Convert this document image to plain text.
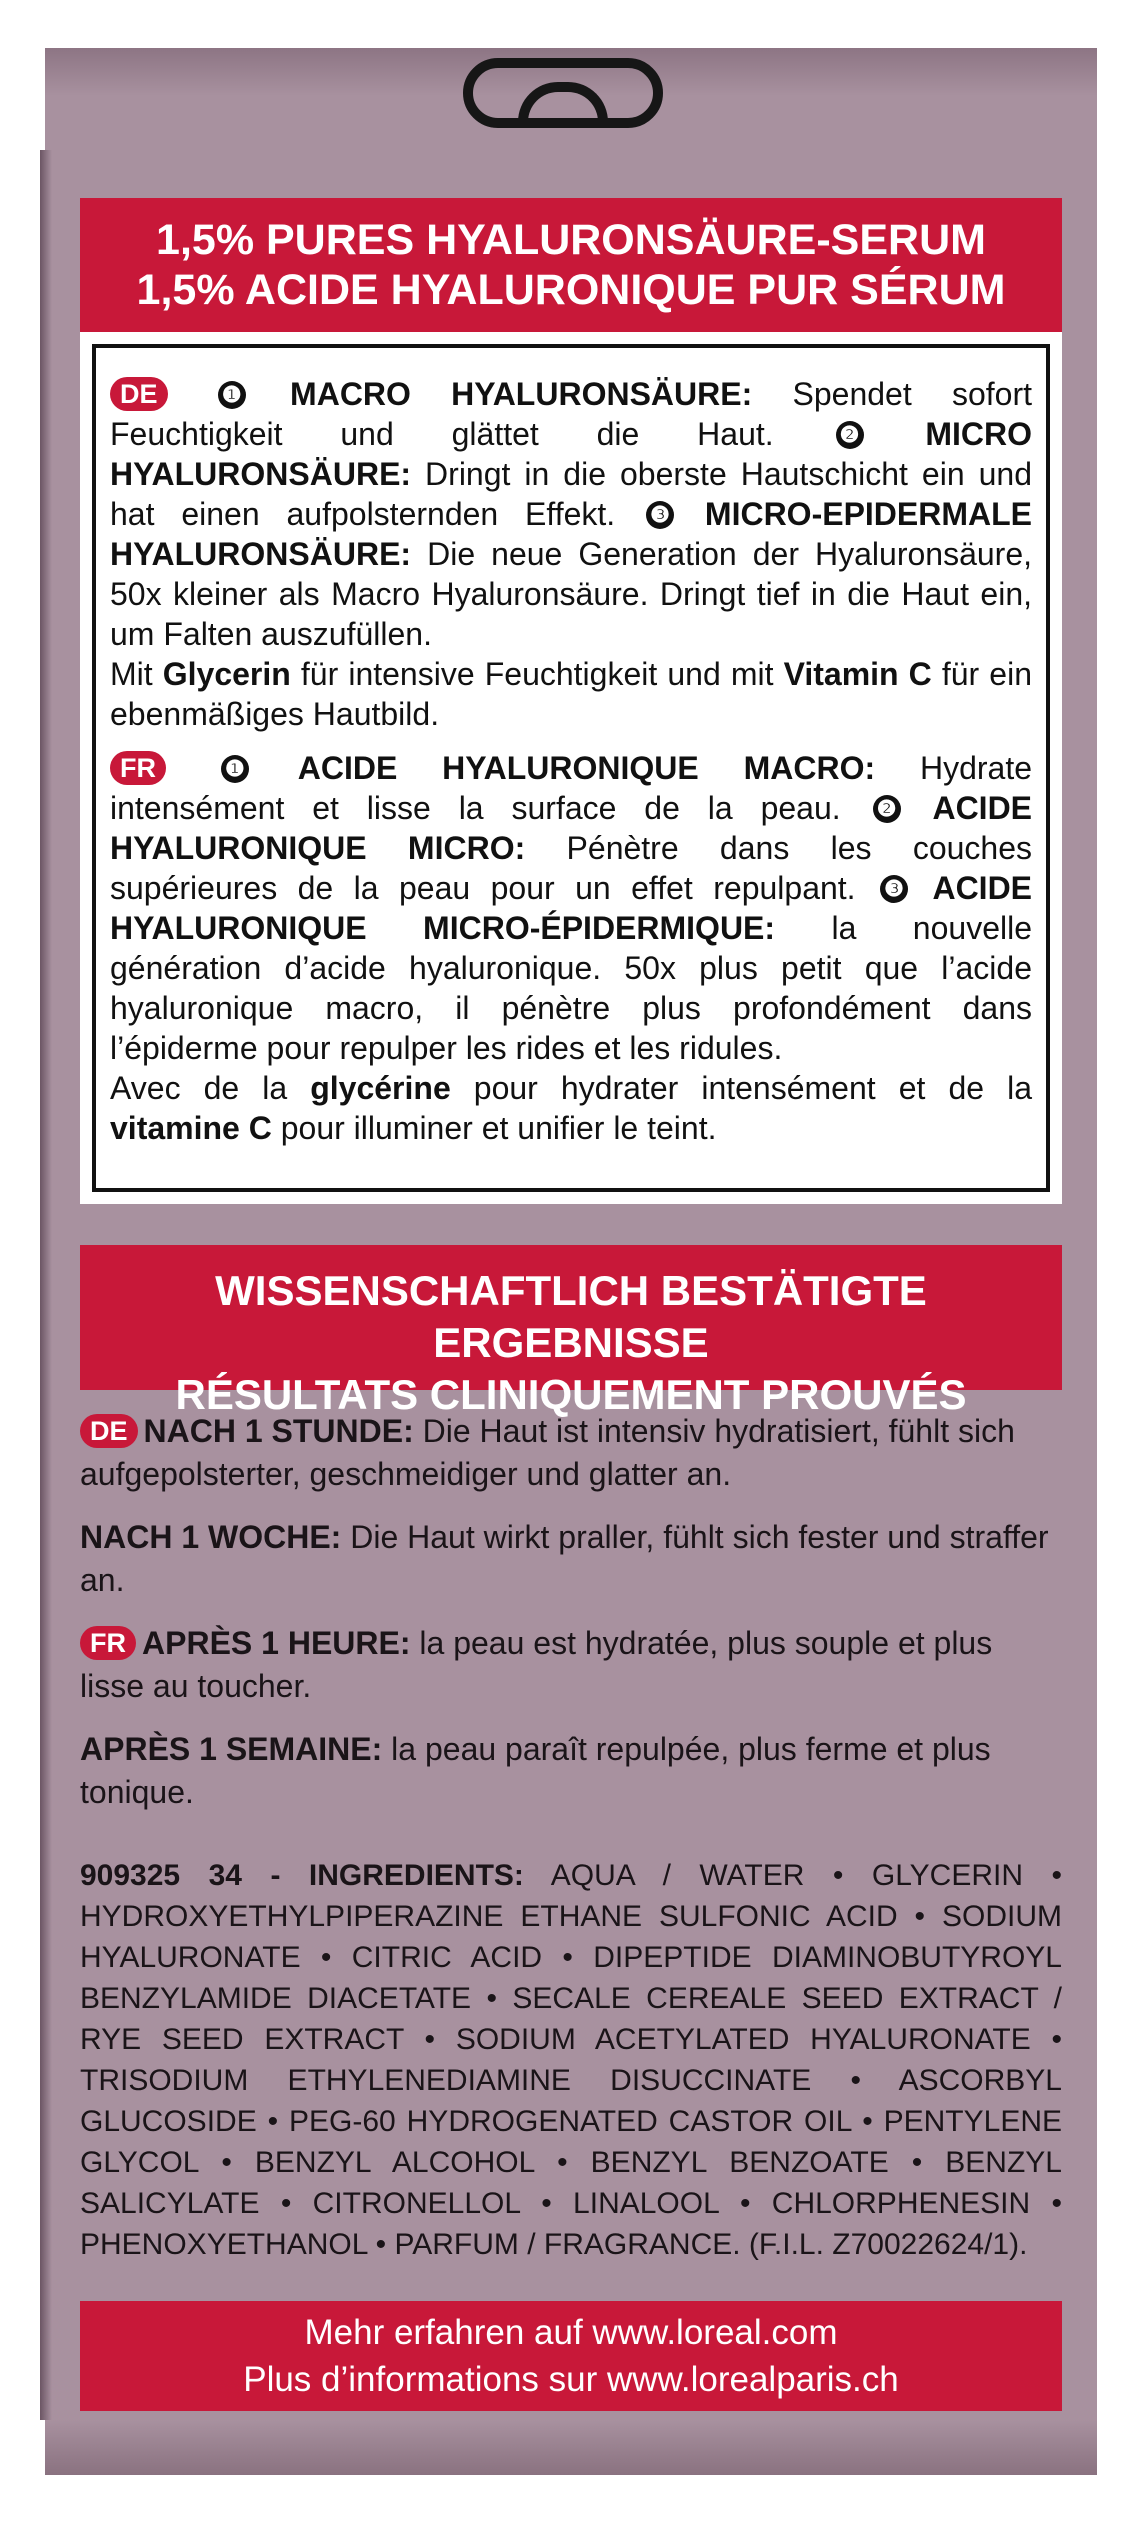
1,5% PURES HYALURONSÄURE-SERUM
1,5% ACIDE HYALURONIQUE PUR SÉRUM

DE	❶ MACRO HYALURONSÄURE: Spendet sofort Feuchtigkeit und glättet die Haut. ❷ MICRO HYALURONSÄURE: Dringt in die oberste Hautschicht ein und hat einen aufpolsternden Effekt. ❸ MICRO-EPIDERMALE HYALURONSÄURE: Die neue Generation der Hyaluronsäure, 50x kleiner als Macro Hyaluronsäure. Dringt tief in die Haut ein, um Falten auszufüllen.
Mit Glycerin für intensive Feuchtigkeit und mit Vitamin C für ein ebenmäßiges Hautbild.

FR	❶ ACIDE HYALURONIQUE MACRO: Hydrate intensément et lisse la surface de la peau. ❷ ACIDE HYALURONIQUE MICRO: Pénètre dans les couches supérieures de la peau pour un effet repulpant. ❸ ACIDE HYALURONIQUE MICRO-ÉPIDERMIQUE: la nouvelle génération d’acide hyaluronique. 50x plus petit que l’acide hyaluronique macro, il pénètre plus profondément dans l’épiderme pour repulper les rides et les ridules.
Avec de la glycérine pour hydrater intensément et de la vitamine C pour illuminer et unifier le teint.

WISSENSCHAFTLICH BESTÄTIGTE ERGEBNISSE
RÉSULTATS CLINIQUEMENT PROUVÉS

DE NACH 1 STUNDE: Die Haut ist intensiv hydratisiert, fühlt sich aufgepolsterter, geschmeidiger und glatter an.

NACH 1 WOCHE: Die Haut wirkt praller, fühlt sich fester und straffer an.

FR APRÈS 1 HEURE: la peau est hydratée, plus souple et plus lisse au toucher.

APRÈS 1 SEMAINE: la peau paraît repulpée, plus ferme et plus tonique.

909325 34 - INGREDIENTS: AQUA / WATER • GLYCERIN • HYDROXYETHYLPIPERAZINE ETHANE SULFONIC ACID • SODIUM HYALURONATE • CITRIC ACID • DIPEPTIDE DIAMINOBUTYROYL BENZYLAMIDE DIACETATE • SECALE CEREALE SEED EXTRACT / RYE SEED EXTRACT • SODIUM ACETYLATED HYALURONATE • TRISODIUM ETHYLENEDIAMINE DISUCCINATE • ASCORBYL GLUCOSIDE • PEG-60 HYDROGENATED CASTOR OIL • PENTYLENE GLYCOL • BENZYL ALCOHOL • BENZYL BENZOATE • BENZYL SALICYLATE • CITRONELLOL • LINALOOL • CHLORPHENESIN • PHENOXYETHANOL • PARFUM / FRAGRANCE. (F.I.L. Z70022624/1).
Mehr erfahren auf www.loreal.com
Plus d’informations sur www.lorealparis.ch
